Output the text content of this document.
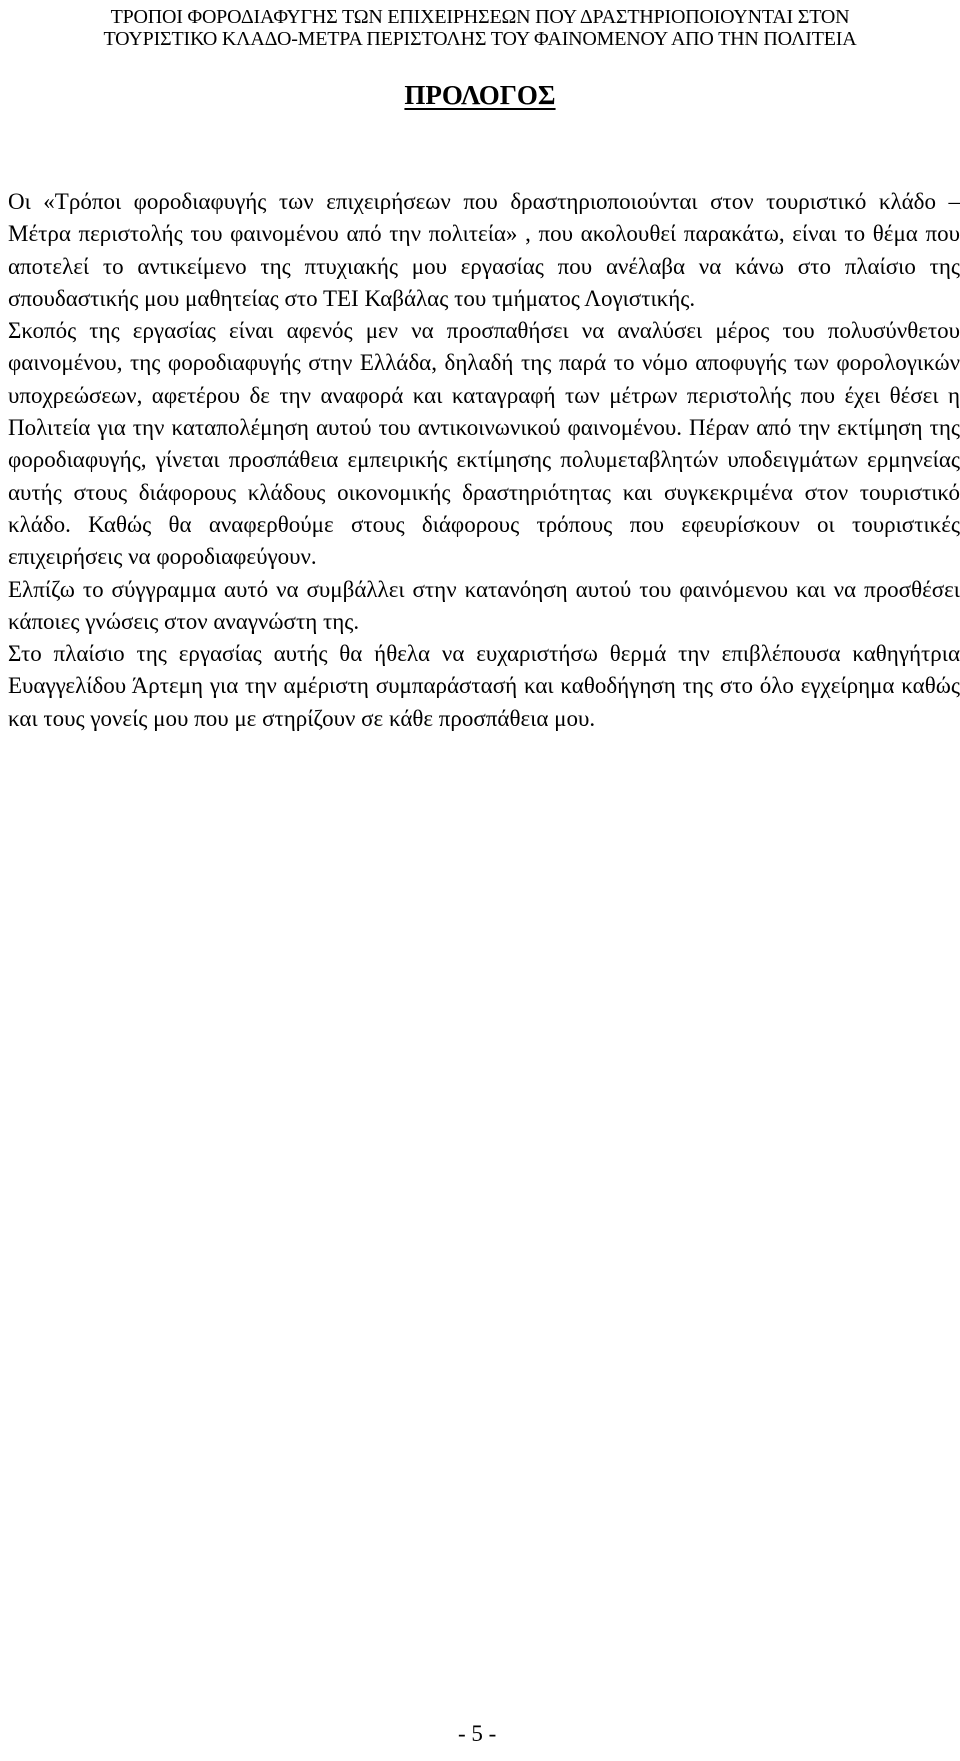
ΤΡΟΠΟΙ ΦΟΡΟΔΙΑΦΥΓΗΣ ΤΩΝ ΕΠΙΧΕΙΡΗΣΕΩΝ ΠΟΥ ΔΡΑΣΤΗΡΙΟΠΟΙΟΥΝΤΑΙ ΣΤΟΝ
ΤΟΥΡΙΣΤΙΚΟ ΚΛΑΔΟ-ΜΕΤΡΑ ΠΕΡΙΣΤΟΛΗΣ ΤΟΥ ΦΑΙΝΟΜΕΝΟΥ ΑΠΟ ΤΗΝ ΠΟΛΙΤΕΙΑ
ΠΡΟΛΟΓΟΣ

Οι «Τρόποι φοροδιαφυγής των επιχειρήσεων που δραστηριοποιούνται στον τουριστικό κλάδο – Μέτρα περιστολής του φαινομένου από την πολιτεία» , που ακολουθεί παρακάτω, είναι το θέμα που αποτελεί το αντικείμενο της πτυχιακής μου εργασίας που ανέλαβα να κάνω στο πλαίσιο της σπουδαστικής μου μαθητείας στο ΤΕΙ Καβάλας του τμήματος Λογιστικής.

Σκοπός της εργασίας είναι αφενός μεν να προσπαθήσει να αναλύσει μέρος του πολυσύνθετου φαινομένου, της φοροδιαφυγής στην Ελλάδα, δηλαδή της παρά το νόμο αποφυγής των φορολογικών υποχρεώσεων, αφετέρου δε την αναφορά και καταγραφή των μέτρων περιστολής που έχει θέσει η Πολιτεία για την καταπολέμηση αυτού του αντικοινωνικού φαινομένου. Πέραν από την εκτίμηση της φοροδιαφυγής, γίνεται προσπάθεια εμπειρικής εκτίμησης πολυμεταβλητών υποδειγμάτων ερμηνείας αυτής στους διάφορους κλάδους οικονομικής δραστηριότητας και συγκεκριμένα στον τουριστικό κλάδο. Καθώς θα αναφερθούμε στους διάφορους τρόπους που εφευρίσκουν οι τουριστικές επιχειρήσεις να φοροδιαφεύγουν.

Ελπίζω το σύγγραμμα αυτό να συμβάλλει στην κατανόηση αυτού του φαινόμενου και να προσθέσει κάποιες γνώσεις στον αναγνώστη της.

Στο πλαίσιο της εργασίας αυτής θα ήθελα να ευχαριστήσω θερμά την επιβλέπουσα καθηγήτρια Ευαγγελίδου Άρτεμη για την αμέριστη συμπαράστασή και καθοδήγηση της στο όλο εγχείρημα καθώς και τους γονείς μου που με στηρίζουν σε κάθε προσπάθεια μου.

- 5 -
